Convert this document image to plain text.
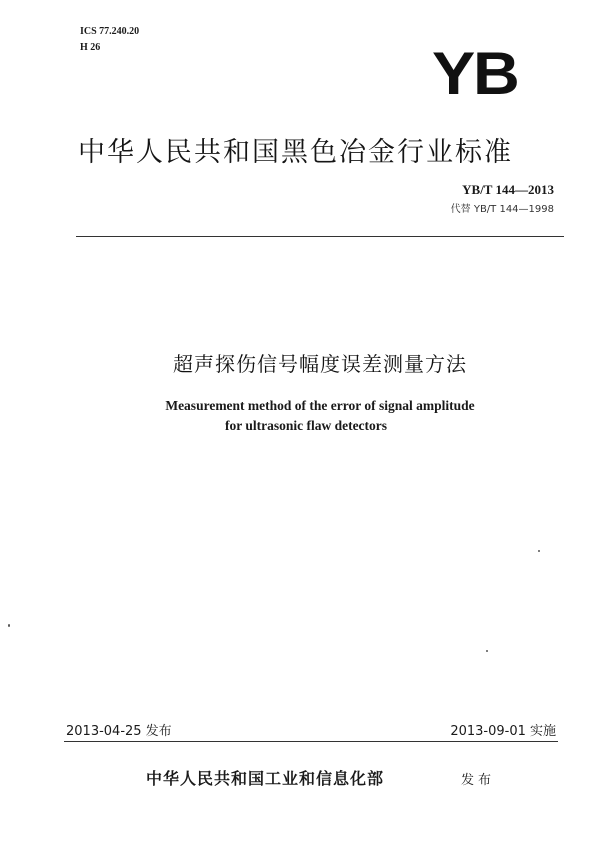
ICS 77.240.20
H 26	YB
中华人民共和国黑色冶金行业标准
YB/T 144—2013
代替 YB/T 144—1998
超声探伤信号幅度误差测量方法
Measurement method of the error of signal amplitude
for ultrasonic flaw detectors
2013-04-25 发布	2013-09-01 实施
中华人民共和国工业和信息化部	发布
